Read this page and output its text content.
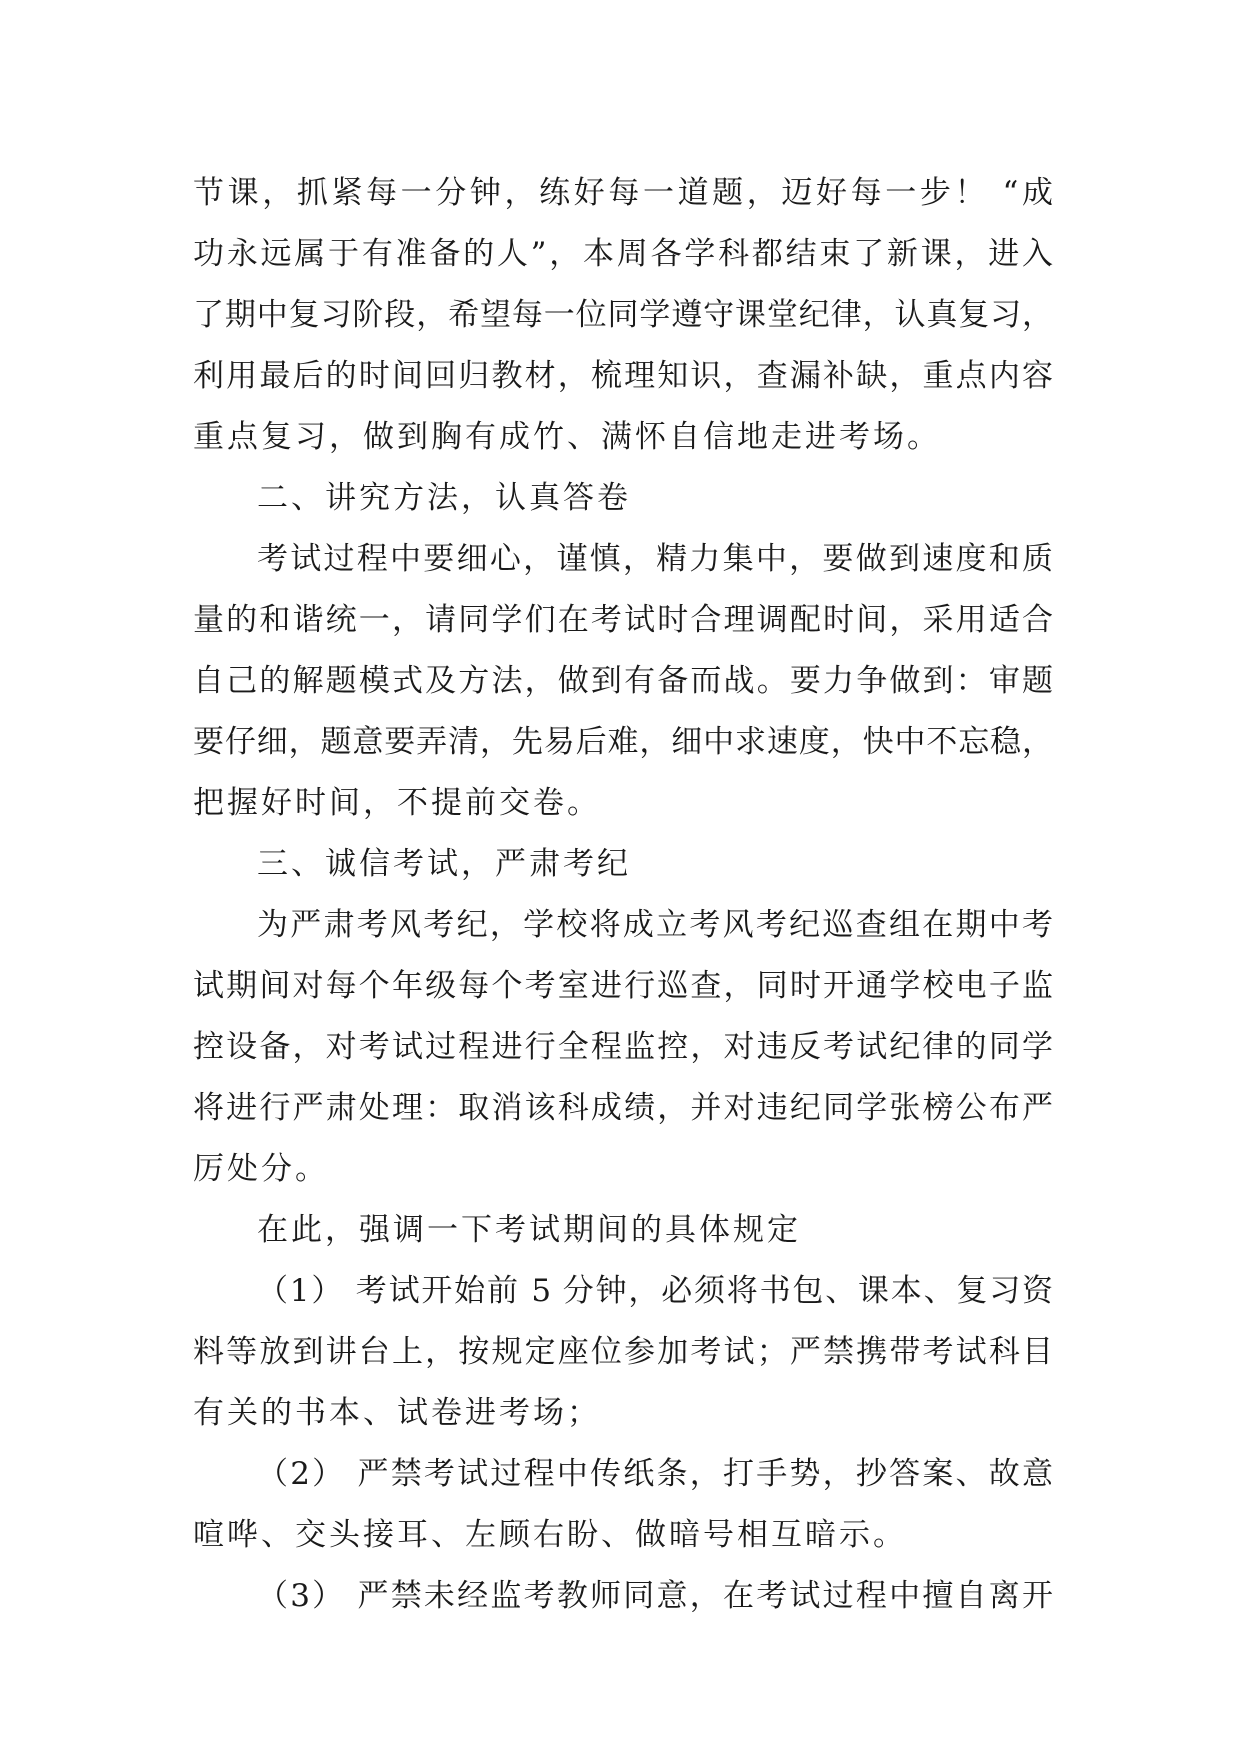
节课，抓紧每一分钟，练好每一道题，迈好每一步！ “成
功永远属于有准备的人”，本周各学科都结束了新课，进入
了期中复习阶段，希望每一位同学遵守课堂纪律，认真复习，
利用最后的时间回归教材，梳理知识，查漏补缺，重点内容
重点复习，做到胸有成竹、满怀自信地走进考场。
二、讲究方法，认真答卷
考试过程中要细心，谨慎，精力集中，要做到速度和质
量的和谐统一，请同学们在考试时合理调配时间，采用适合
自己的解题模式及方法，做到有备而战。要力争做到：审题
要仔细，题意要弄清，先易后难，细中求速度，快中不忘稳，
把握好时间，不提前交卷。
三、诚信考试，严肃考纪
为严肃考风考纪，学校将成立考风考纪巡查组在期中考
试期间对每个年级每个考室进行巡查，同时开通学校电子监
控设备，对考试过程进行全程监控，对违反考试纪律的同学
将进行严肃处理：取消该科成绩，并对违纪同学张榜公布严
厉处分。
在此，强调一下考试期间的具体规定
（1） 考试开始前 5 分钟，必须将书包、课本、复习资
料等放到讲台上，按规定座位参加考试；严禁携带考试科目
有关的书本、试卷进考场；
（2） 严禁考试过程中传纸条，打手势，抄答案、故意
喧哗、交头接耳、左顾右盼、做暗号相互暗示。
（3） 严禁未经监考教师同意，在考试过程中擅自离开
